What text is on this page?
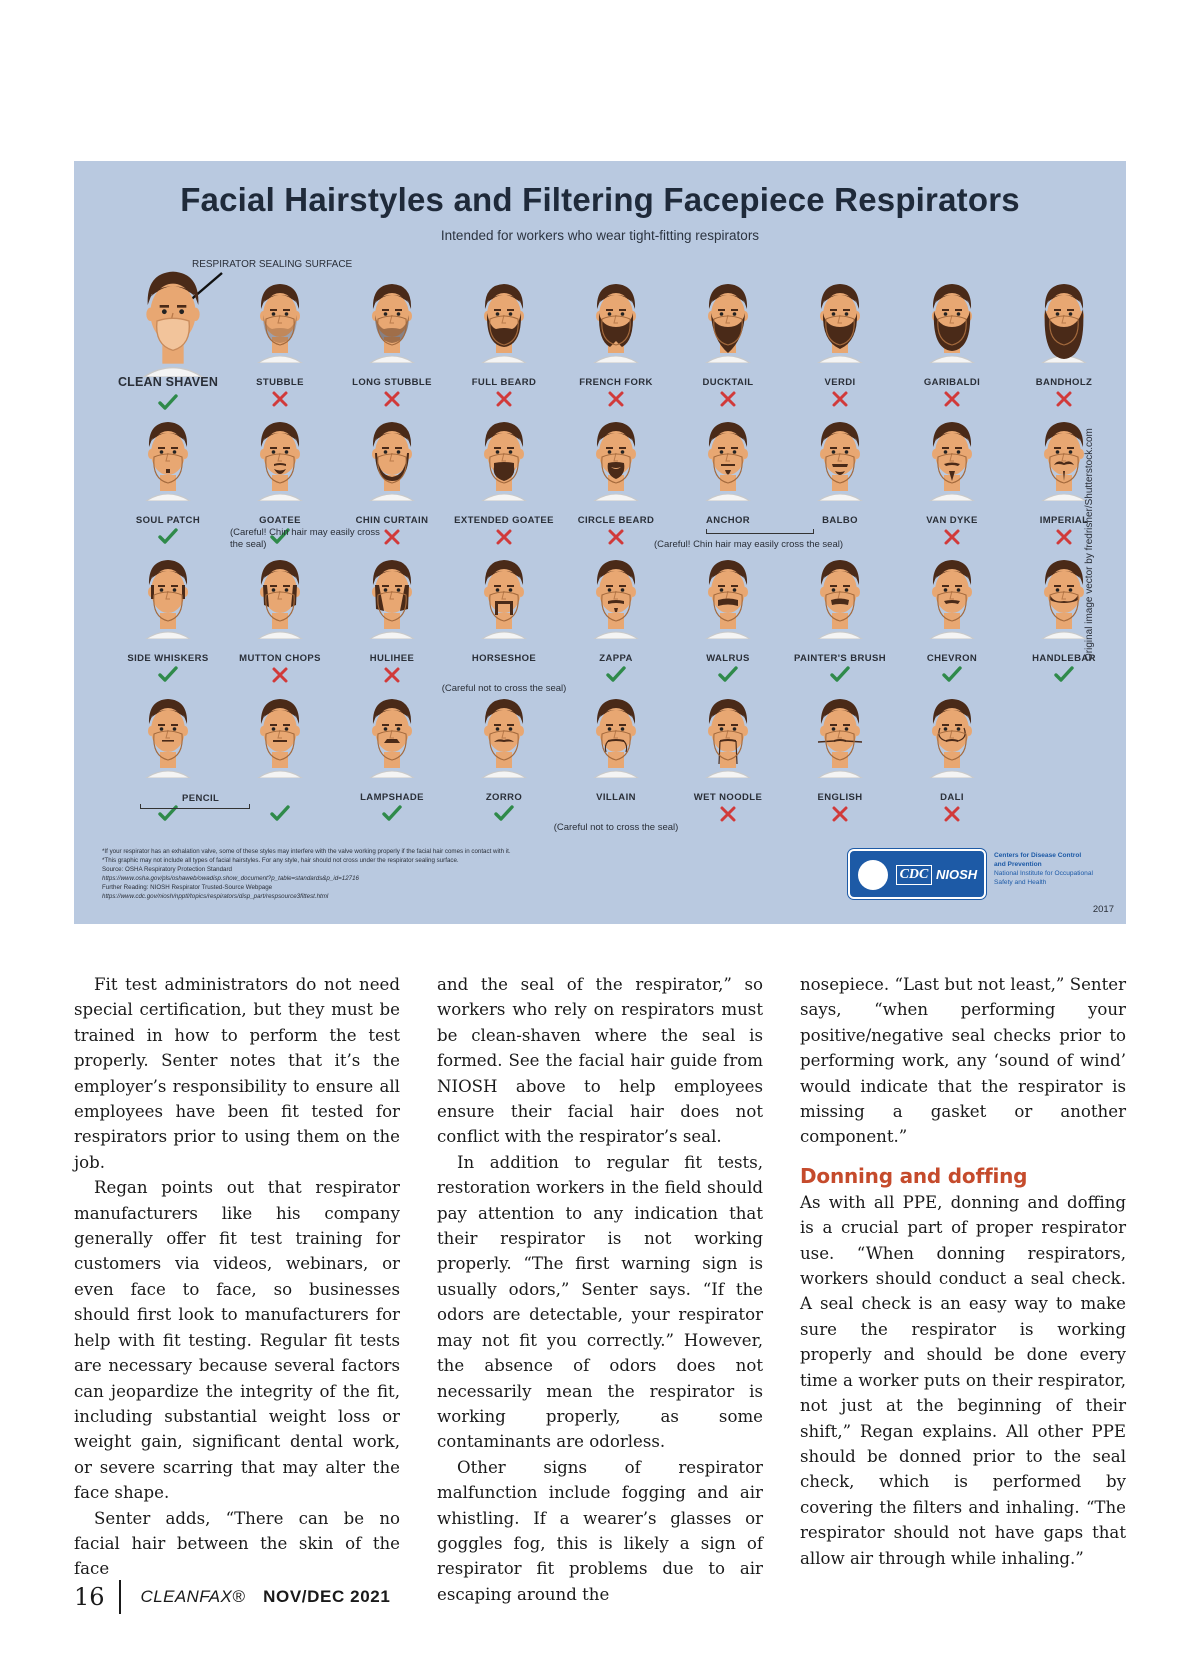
Facial Hairstyles and Filtering Facepiece Respirators
Intended for workers who wear tight-fitting respirators
RESPIRATOR SEALING SURFACE
CLEAN SHAVEN	STUBBLE	LONG STUBBLE	FULL BEARD	FRENCH FORK	DUCKTAIL	VERDI	GARIBALDI	BANDHOLZ
SOUL PATCH	GOATEE
(Careful! Chin hair may easily cross the seal)
CHIN CURTAIN	EXTENDED GOATEE	CIRCLE BEARD	ANCHOR	BALBO	VAN DYKE	IMPERIAL
SIDE WHISKERS	MUTTON CHOPS	HULIHEE	HORSESHOE
(Careful not to cross the seal)
ZAPPA	WALRUS	PAINTER'S BRUSH	CHEVRON	HANDLEBAR
LAMPSHADE	ZORRO	VILLAIN
(Careful not to cross the seal)
WET NOODLE	ENGLISH	DALI
(Careful! Chin hair may easily cross the seal)
PENCIL
Original image vector by fredrisher/Shutterstock.com
*If your respirator has an exhalation valve, some of these styles may interfere with the valve working properly if the facial hair comes in contact with it.
*This graphic may not include all types of facial hairstyles. For any style, hair should not cross under the respirator sealing surface.
Source: OSHA Respiratory Protection Standard
https://www.osha.gov/pls/oshaweb/owadisp.show_document?p_table=standards&p_id=12716
Further Reading: NIOSH Respirator Trusted-Source Webpage
https://www.cdc.gov/niosh/npptl/topics/respirators/disp_part/respsource3fittest.html
CDC NIOSH
Centers for Disease Control
and Prevention
National Institute for Occupational
Safety and Health
2017

Fit test administrators do not need special certification, but they must be trained in how to perform the test properly. Senter notes that it’s the employer’s responsibility to ensure all employees have been fit tested for respirators prior to using them on the job.

Regan points out that respirator manufacturers like his company generally offer fit test training for customers via videos, webinars, or even face to face, so businesses should first look to manufacturers for help with fit testing. Regular fit tests are necessary because several factors can jeopardize the integrity of the fit, including substantial weight loss or weight gain, significant dental work, or severe scarring that may alter the face shape.

Senter adds, “There can be no facial hair between the skin of the face

and the seal of the respirator,” so workers who rely on respirators must be clean-shaven where the seal is formed. See the facial hair guide from NIOSH above to help employees ensure their facial hair does not conflict with the respirator’s seal.

In addition to regular fit tests, restoration workers in the field should pay attention to any indication that their respirator is not working properly. “The first warning sign is usually odors,” Senter says. “If the odors are detectable, your respirator may not fit you correctly.” However, the absence of odors does not necessarily mean the respirator is working properly, as some contaminants are odorless.

Other signs of respirator malfunction include fogging and air whistling. If a wearer’s glasses or goggles fog, this is likely a sign of respirator fit problems due to air escaping around the

nosepiece. “Last but not least,” Senter says, “when performing your positive/negative seal checks prior to performing work, any ‘sound of wind’ would indicate that the respirator is missing a gasket or another component.”

Donning and doffing

As with all PPE, donning and doffing is a crucial part of proper respirator use. “When donning respirators, workers should conduct a seal check. A seal check is an easy way to make sure the respirator is working properly and should be done every time a worker puts on their respirator, not just at the beginning of their shift,” Regan explains. All other PPE should be donned prior to the seal check, which is performed by covering the filters and inhaling. “The respirator should not have gaps that allow air through while inhaling.”

16 CLEANFAX® NOV/DEC 2021
